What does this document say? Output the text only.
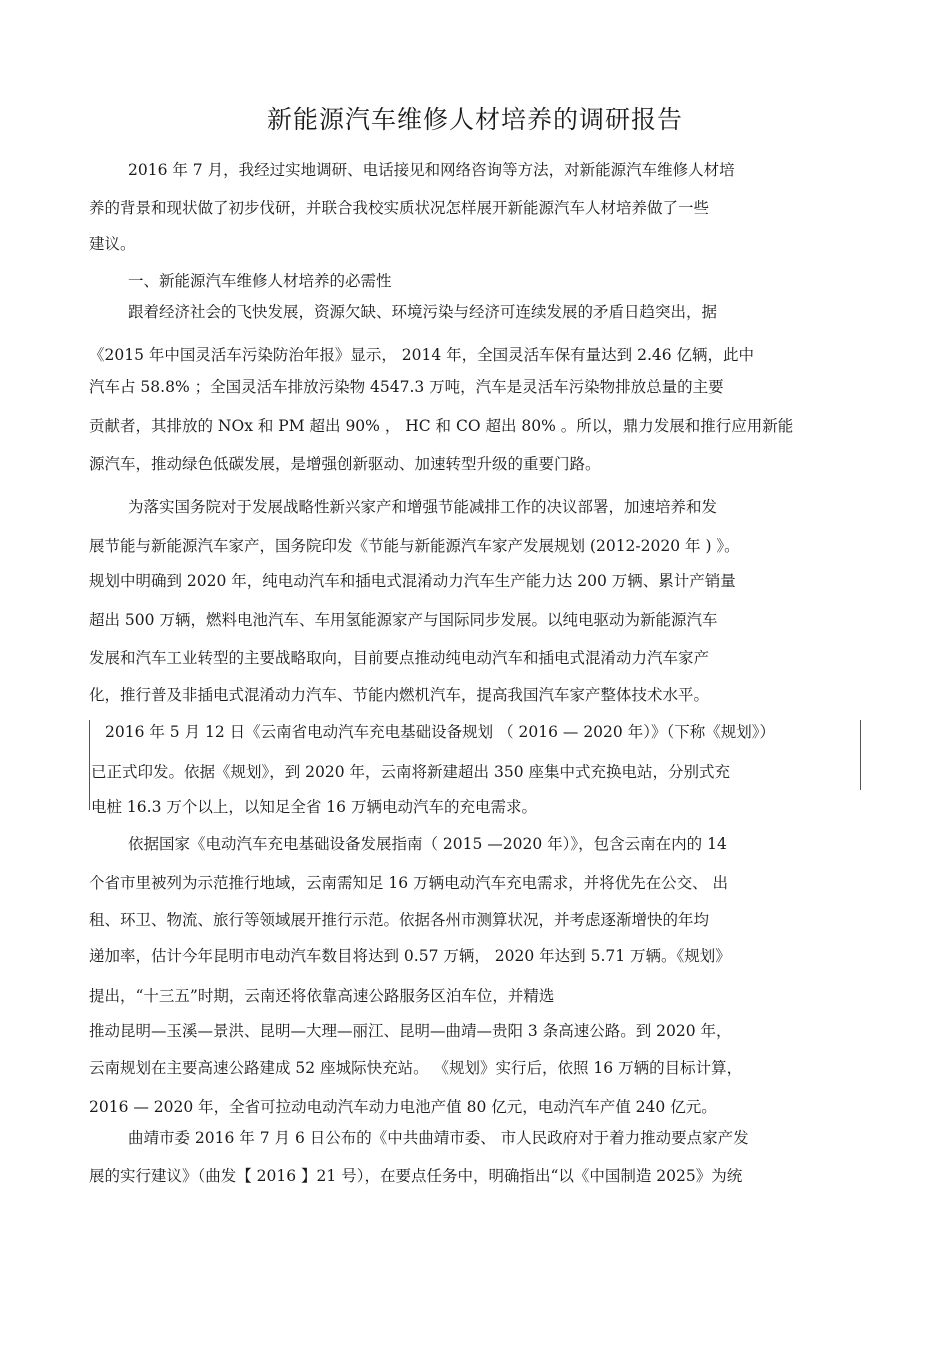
新能源汽车维修人材培养的调研报告
2016 年 7 月，我经过实地调研、电话接见和网络咨询等方法，对新能源汽车维修人材培
养的背景和现状做了初步伐研，并联合我校实质状况怎样展开新能源汽车人材培养做了一些
建议。
一、新能源汽车维修人材培养的必需性
跟着经济社会的飞快发展，资源欠缺、环境污染与经济可连续发展的矛盾日趋突出，据
《2015 年中国灵活车污染防治年报》显示， 2014 年，全国灵活车保有量达到 2.46 亿辆，此中
汽车占 58.8% ；全国灵活车排放污染物 4547.3 万吨，汽车是灵活车污染物排放总量的主要
贡献者，其排放的 NOx 和 PM 超出 90% ， HC 和 CO 超出 80% 。所以，鼎力发展和推行应用新能
源汽车，推动绿色低碳发展，是增强创新驱动、加速转型升级的重要门路。
为落实国务院对于发展战略性新兴家产和增强节能减排工作的决议部署，加速培养和发
展节能与新能源汽车家产，国务院印发《节能与新能源汽车家产发展规划 (2012-2020 年 ) 》。
规划中明确到 2020 年，纯电动汽车和插电式混淆动力汽车生产能力达 200 万辆、累计产销量
超出 500 万辆，燃料电池汽车、车用氢能源家产与国际同步发展。以纯电驱动为新能源汽车
发展和汽车工业转型的主要战略取向，目前要点推动纯电动汽车和插电式混淆动力汽车家产
化，推行普及非插电式混淆动力汽车、节能内燃机汽车，提高我国汽车家产整体技术水平。
2016 年 5 月 12 日《云南省电动汽车充电基础设备规划 （ 2016 — 2020 年）》（下称《规划》）
已正式印发。依据《规划》，到 2020 年，云南将新建超出 350 座集中式充换电站，分别式充
电桩 16.3 万个以上，以知足全省 16 万辆电动汽车的充电需求。
依据国家《电动汽车充电基础设备发展指南（ 2015 —2020 年）》，包含云南在内的 14
个省市里被列为示范推行地域，云南需知足 16 万辆电动汽车充电需求，并将优先在公交、 出
租、环卫、物流、旅行等领域展开推行示范。依据各州市测算状况，并考虑逐渐增快的年均
递加率，估计今年昆明市电动汽车数目将达到 0.57 万辆， 2020 年达到 5.71 万辆。《规划》
提出，“十三五”时期，云南还将依靠高速公路服务区泊车位，并精选
推动昆明—玉溪—景洪、昆明—大理—丽江、昆明—曲靖—贵阳 3 条高速公路。到 2020 年，
云南规划在主要高速公路建成 52 座城际快充站。 《规划》实行后，依照 16 万辆的目标计算，
2016 — 2020 年，全省可拉动电动汽车动力电池产值 80 亿元，电动汽车产值 240 亿元。
曲靖市委 2016 年 7 月 6 日公布的《中共曲靖市委、 市人民政府对于着力推动要点家产发
展的实行建议》（曲发【 2016 】21 号），在要点任务中，明确指出“以《中国制造 2025》为统
